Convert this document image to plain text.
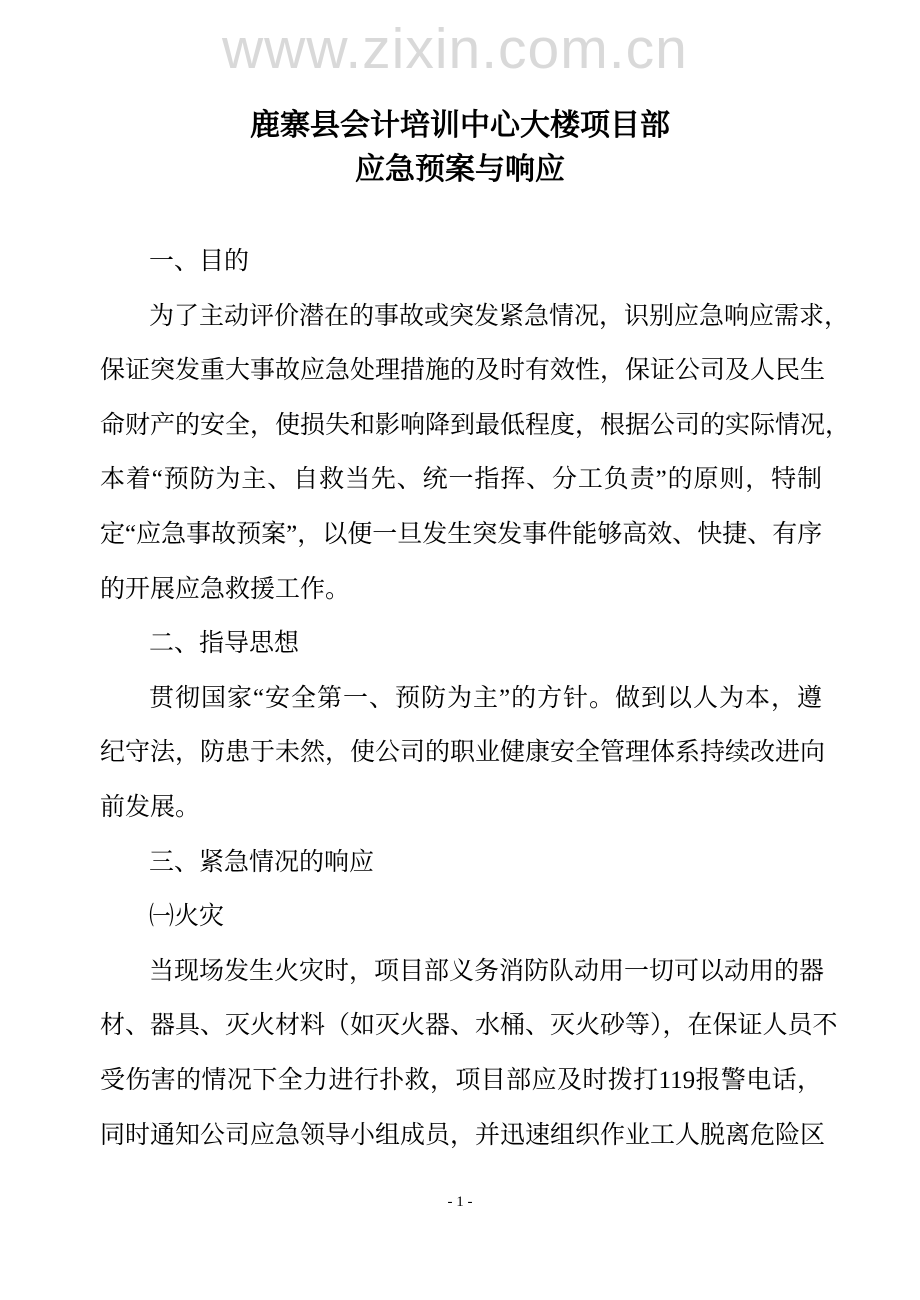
www.zixin.com.cn
鹿寨县会计培训中心大楼项目部
应急预案与响应
一、目的
为了主动评价潜在的事故或突发紧急情况，识别应急响应需求，
保证突发重大事故应急处理措施的及时有效性，保证公司及人民生
命财产的安全，使损失和影响降到最低程度，根据公司的实际情况，
本着“预防为主、自救当先、统一指挥、分工负责”的原则，特制
定“应急事故预案”，以便一旦发生突发事件能够高效、快捷、有序
的开展应急救援工作。
二、指导思想
贯彻国家“安全第一、预防为主”的方针。做到以人为本，遵
纪守法，防患于未然，使公司的职业健康安全管理体系持续改进向
前发展。
三、紧急情况的响应
㈠火灾
当现场发生火灾时，项目部义务消防队动用一切可以动用的器
材、器具、灭火材料（如灭火器、水桶、灭火砂等），在保证人员不
受伤害的情况下全力进行扑救，项目部应及时拨打119报警电话，
同时通知公司应急领导小组成员，并迅速组织作业工人脱离危险区
- 1 -
